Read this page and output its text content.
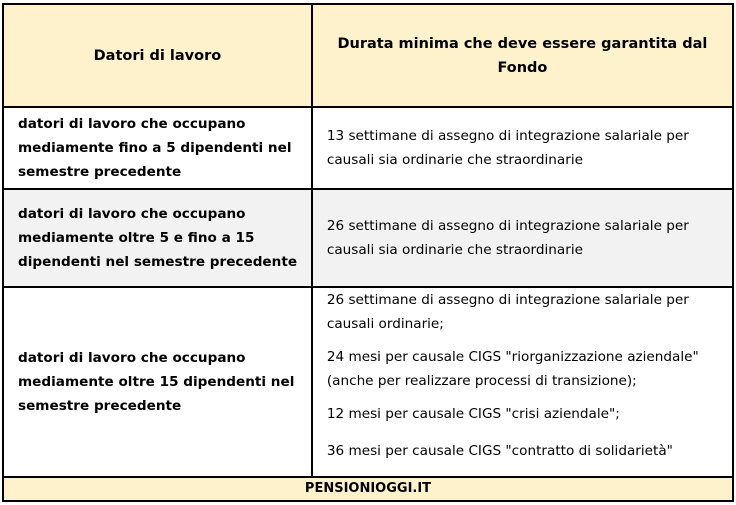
Datori di lavoro	Durata minima che deve essere garantita dal Fondo
datori di lavoro che occupano mediamente fino a 5 dipendenti nel semestre precedente	13 settimane di assegno di integrazione salariale per causali sia ordinarie che straordinarie
datori di lavoro che occupano mediamente oltre 5 e fino a 15 dipendenti nel semestre precedente	26 settimane di assegno di integrazione salariale per causali sia ordinarie che straordinarie
datori di lavoro che occupano mediamente oltre 15 dipendenti nel semestre precedente	26 settimane di assegno di integrazione salariale per causali ordinarie;

24 mesi per causale CIGS "riorganizzazione aziendale"(anche per realizzare processi di transizione);

12 mesi per causale CIGS "crisi aziendale";

36 mesi per causale CIGS "contratto di solidarietà"

PENSIONIOGGI.IT	
